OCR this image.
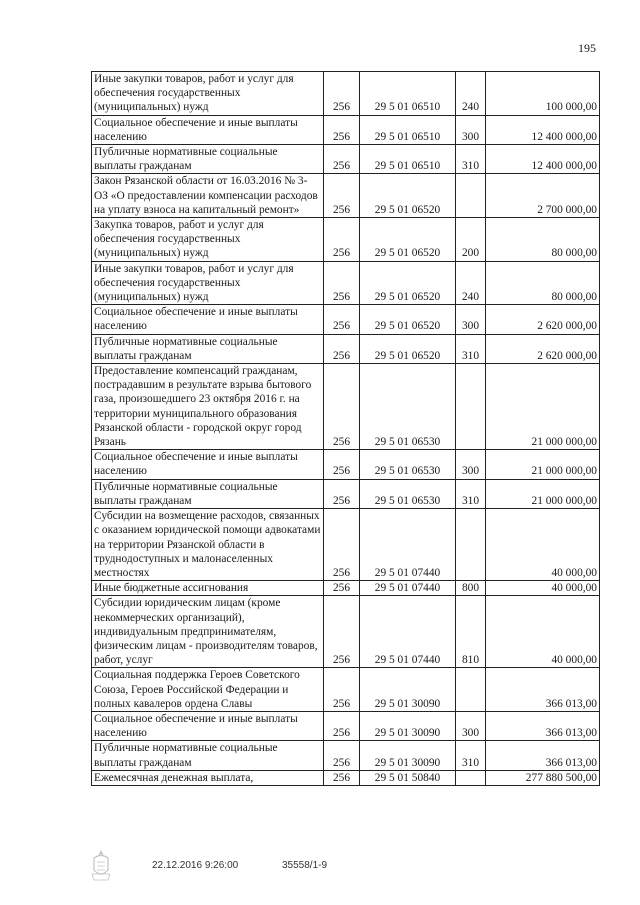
195
Иные закупки товаров, работ и услуг для обеспечения государственных (муниципальных) нужд	256	29 5 01 06510	240	100 000,00
Социальное обеспечение и иные выплаты населению	256	29 5 01 06510	300	12 400 000,00
Публичные нормативные социальные выплаты гражданам	256	29 5 01 06510	310	12 400 000,00
Закон Рязанской области от 16.03.2016 № 3-ОЗ «О предоставлении компенсации расходов на уплату взноса на капитальный ремонт»	256	29 5 01 06520		2 700 000,00
Закупка товаров, работ и услуг для обеспечения государственных (муниципальных) нужд	256	29 5 01 06520	200	80 000,00
Иные закупки товаров, работ и услуг для обеспечения государственных (муниципальных) нужд	256	29 5 01 06520	240	80 000,00
Социальное обеспечение и иные выплаты населению	256	29 5 01 06520	300	2 620 000,00
Публичные нормативные социальные выплаты гражданам	256	29 5 01 06520	310	2 620 000,00
Предоставление компенсаций гражданам, пострадавшим в результате взрыва бытового газа, произошедшего 23 октября 2016 г. на территории муниципального образования Рязанской области - городской округ город Рязань	256	29 5 01 06530		21 000 000,00
Социальное обеспечение и иные выплаты населению	256	29 5 01 06530	300	21 000 000,00
Публичные нормативные социальные выплаты гражданам	256	29 5 01 06530	310	21 000 000,00
Субсидии на возмещение расходов, связанных с оказанием юридической помощи адвокатами на территории Рязанской области в труднодоступных и малонаселенных местностях	256	29 5 01 07440		40 000,00
Иные бюджетные ассигнования	256	29 5 01 07440	800	40 000,00
Субсидии юридическим лицам (кроме некоммерческих организаций), индивидуальным предпринимателям, физическим лицам - производителям товаров, работ, услуг	256	29 5 01 07440	810	40 000,00
Социальная поддержка Героев Советского Союза, Героев Российской Федерации и полных кавалеров ордена Славы	256	29 5 01 30090		366 013,00
Социальное обеспечение и иные выплаты населению	256	29 5 01 30090	300	366 013,00
Публичные нормативные социальные выплаты гражданам	256	29 5 01 30090	310	366 013,00
Ежемесячная денежная выплата,	256	29 5 01 50840		277 880 500,00
22.12.2016 9:26:00	35558/1-9
